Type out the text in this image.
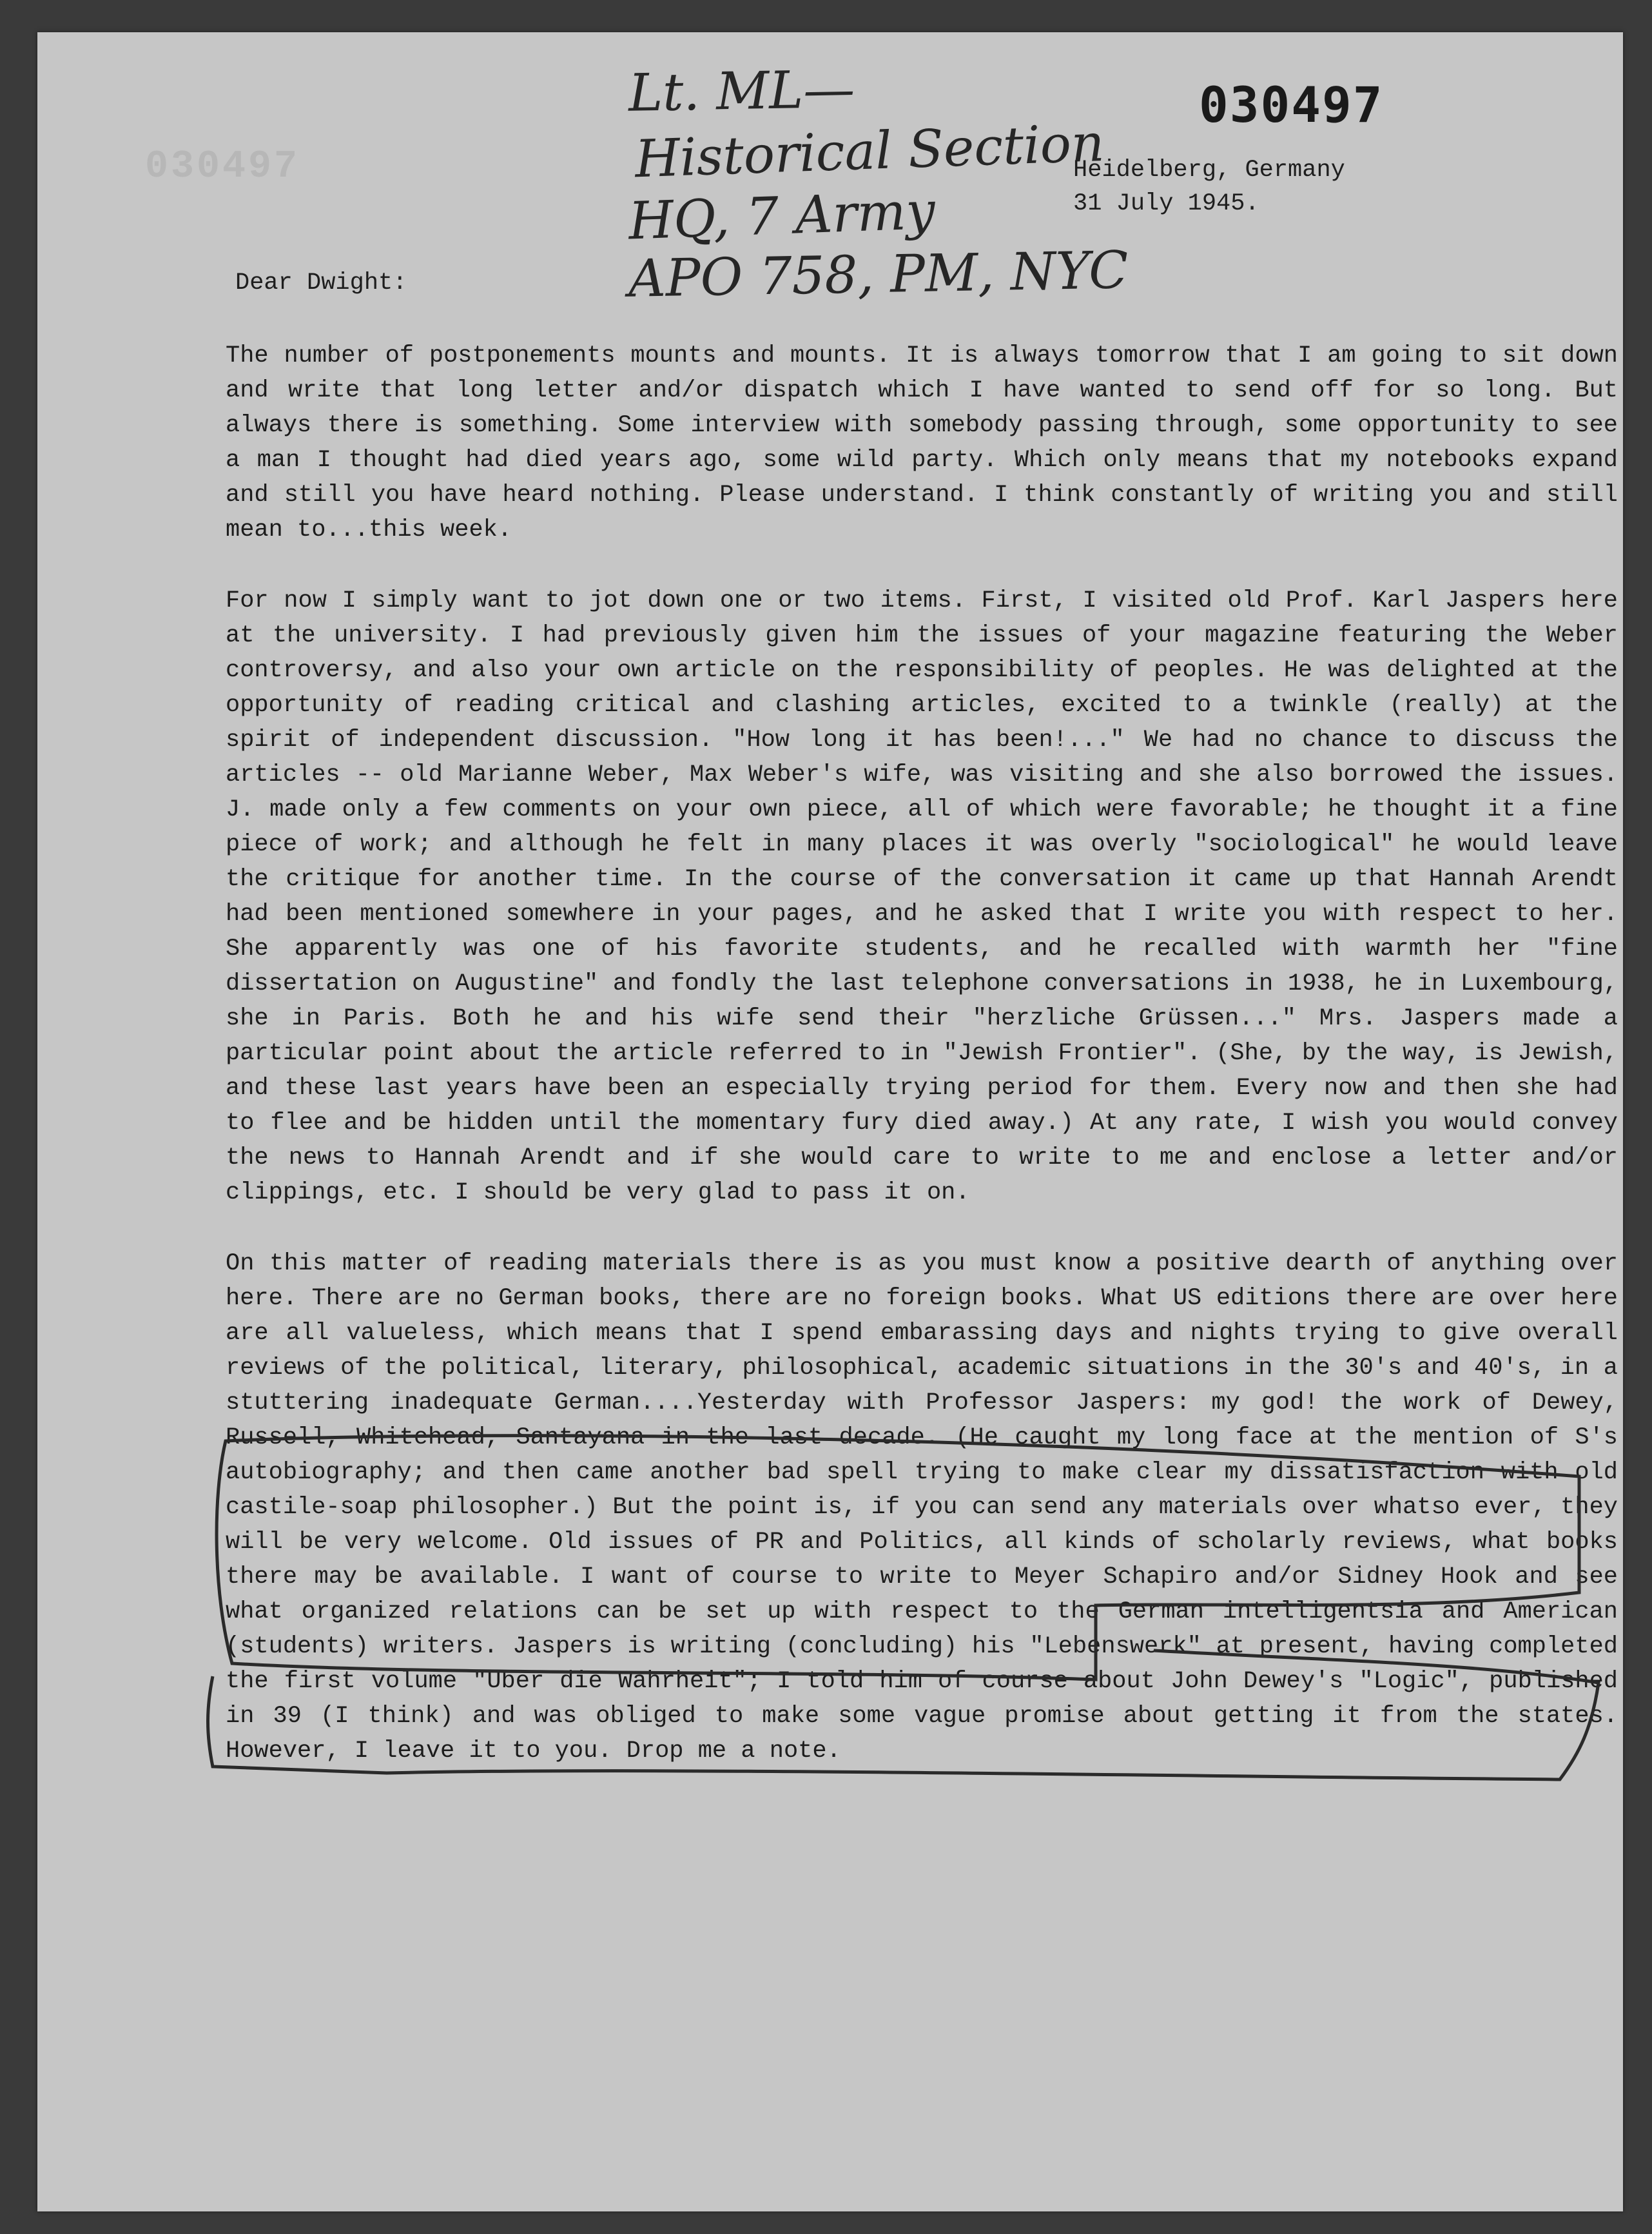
030497
030497
Lt. ML—
Historical Section
HQ, 7 Army
APO 758, PM, NYC
Heidelberg, Germany
31 July 1945.
Dear Dwight:

The number of postponements mounts and mounts. It is always tomorrow that I am going to sit down and write that long letter and/or dispatch which I have wanted to send off for so long. But always there is something. Some interview with somebody passing through, some opportunity to see a man I thought had died years ago, some wild party. Which only means that my notebooks expand and still you have heard nothing. Please understand. I think constantly of writing you and still mean to...this week.

For now I simply want to jot down one or two items. First, I visited old Prof. Karl Jaspers here at the university. I had previously given him the issues of your magazine featuring the Weber controversy, and also your own article on the responsibility of peoples. He was delighted at the opportunity of reading critical and clashing articles, excited to a twinkle (really) at the spirit of independent discussion. "How long it has been!..." We had no chance to discuss the articles -- old Marianne Weber, Max Weber's wife, was visiting and she also borrowed the issues. J. made only a few comments on your own piece, all of which were favorable; he thought it a fine piece of work; and although he felt in many places it was overly "sociological" he would leave the critique for another time. In the course of the conversation it came up that Hannah Arendt had been mentioned somewhere in your pages, and he asked that I write you with respect to her. She apparently was one of his favorite students, and he recalled with warmth her "fine dissertation on Augustine" and fondly the last telephone conversations in 1938, he in Luxembourg, she in Paris. Both he and his wife send their "herzliche Grüssen..." Mrs. Jaspers made a particular point about the article referred to in "Jewish Frontier". (She, by the way, is Jewish, and these last years have been an especially trying period for them. Every now and then she had to flee and be hidden until the momentary fury died away.) At any rate, I wish you would convey the news to Hannah Arendt and if she would care to write to me and enclose a letter and/or clippings, etc. I should be very glad to pass it on.

On this matter of reading materials there is as you must know a positive dearth of anything over here. There are no German books, there are no foreign books. What US editions there are over here are all valueless, which means that I spend embarassing days and nights trying to give overall reviews of the political, literary, philosophical, academic situations in the 30's and 40's, in a stuttering inadequate German....Yesterday with Professor Jaspers: my god! the work of Dewey, Russell, Whitehead, Santayana in the last decade. (He caught my long face at the mention of S's autobiography; and then came another bad spell trying to make clear my dissatisfaction with old castile-soap philosopher.) But the point is, if you can send any materials over whatso ever, they will be very welcome. Old issues of PR and Politics, all kinds of scholarly reviews, what books there may be available. I want of course to write to Meyer Schapiro and/or Sidney Hook and see what organized relations can be set up with respect to the German intelligentsia and American (students) writers. Jaspers is writing (concluding) his "Lebenswerk" at present, having completed the first volume "Uber die Wahrheit"; I told him of course about John Dewey's "Logic", published in 39 (I think) and was obliged to make some vague promise about getting it from the states. However, I leave it to you. Drop me a note.
